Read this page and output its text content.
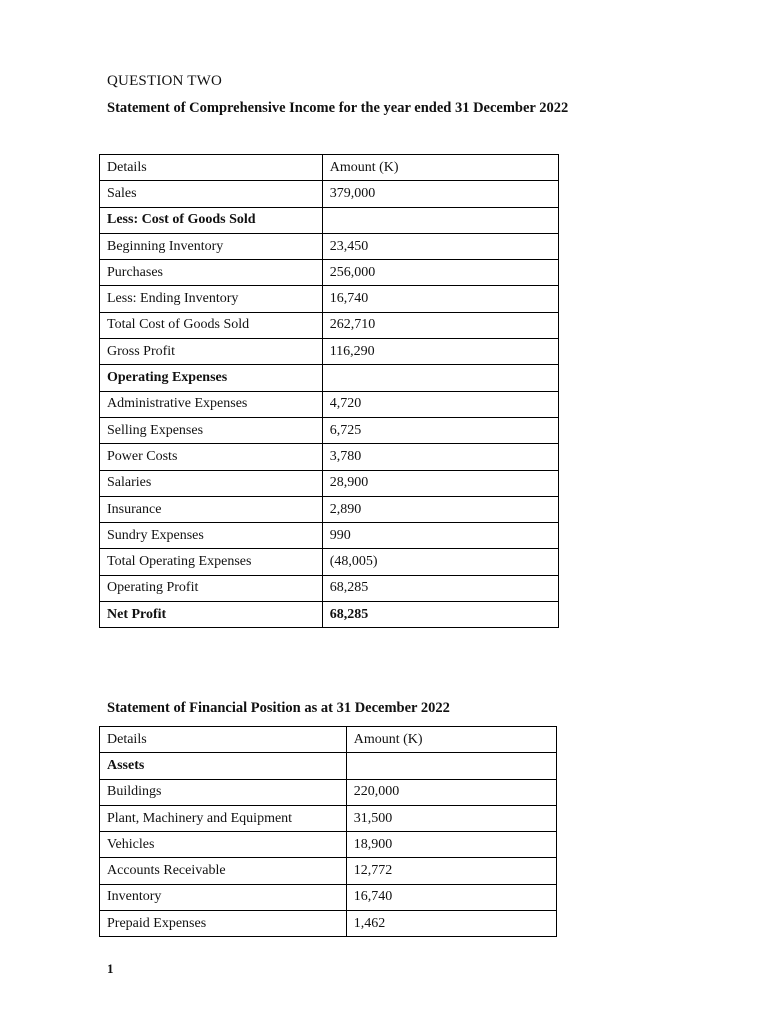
QUESTION TWO
Statement of Comprehensive Income for the year ended 31 December 2022
Details	Amount (K)
Sales	379,000
Less: Cost of Goods Sold	
Beginning Inventory	23,450
Purchases	256,000
Less: Ending Inventory	16,740
Total Cost of Goods Sold	262,710
Gross Profit	116,290
Operating Expenses	
Administrative Expenses	4,720
Selling Expenses	6,725
Power Costs	3,780
Salaries	28,900
Insurance	2,890
Sundry Expenses	990
Total Operating Expenses	(48,005)
Operating Profit	68,285
Net Profit	68,285
Statement of Financial Position as at 31 December 2022
Details	Amount (K)
Assets	
Buildings	220,000
Plant, Machinery and Equipment	31,500
Vehicles	18,900
Accounts Receivable	12,772
Inventory	16,740
Prepaid Expenses	1,462
1
